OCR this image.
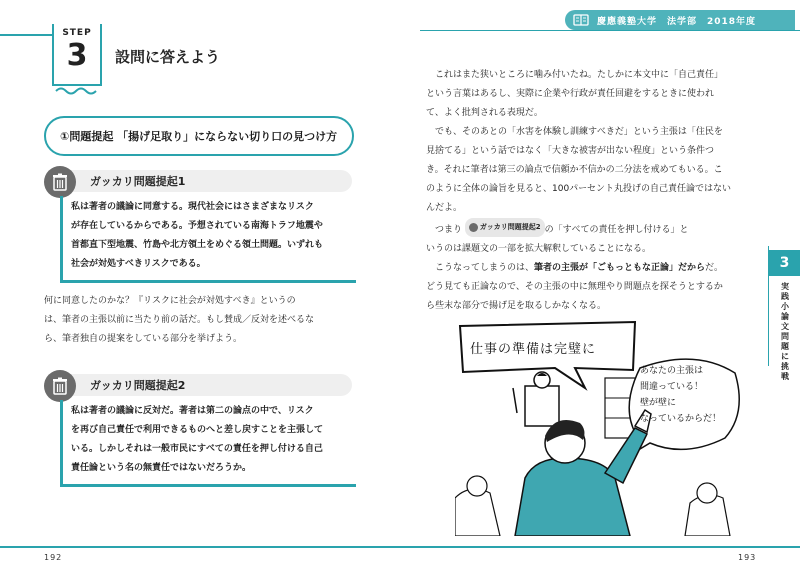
STEP
3	設問に答えよう
①問題提起 「揚げ足取り」にならない切り口の見つけ方
ガッカリ問題提起1
私は著者の議論に同意する。現代社会にはさまざまなリスク
が存在しているからである。予想されている南海トラフ地震や
首都直下型地震、竹島や北方領土をめぐる領土問題。いずれも
社会が対処すべきリスクである。
何に同意したのかな？『リスクに社会が対処すべき』というの
は、筆者の主張以前に当たり前の話だ。もし賛成／反対を述べるな
ら、筆者独自の提案をしている部分を挙げよう。
ガッカリ問題提起2
私は著者の議論に反対だ。著者は第二の論点の中で、リスク
を再び自己責任で利用できるものへと差し戻すことを主張して
いる。しかしそれは一般市民にすべての責任を押し付ける自己
責任論という名の無責任ではないだろうか。
192
慶應義塾大学　法学部　2018年度

これはまた狭いところに噛み付いたね。たしかに本文中に「自己責任」という言葉はあるし、実際に企業や行政が責任回避をするときに使われて、よく批判される表現だ。

でも、そのあとの「水害を体験し訓練すべきだ」という主張は「住民を見捨てる」という話ではなく「大きな被害が出ない程度」という条件つき。それに筆者は第三の論点で信頼か不信かの二分法を戒めてもいる。このように全体の論旨を見ると、100パーセント丸投げの自己責任論ではないんだよ。

つまり	ガッカリ問題提起2 の「すべての責任を押し付ける」と

いうのは課題文の一部を拡大解釈していることになる。

こうなってしまうのは、筆者の主張が「ごもっともな正論」だからだ。どう見ても正論なので、その主張の中に無理やり問題点を探そうとするから些末な部分で揚げ足を取るしかなくなる。

3
CHAPTER
実践小論文問題に挑戦
仕事の準備は完璧に
あなたの主張は
間違っている！
壁が壁に
なっているからだ！
193
